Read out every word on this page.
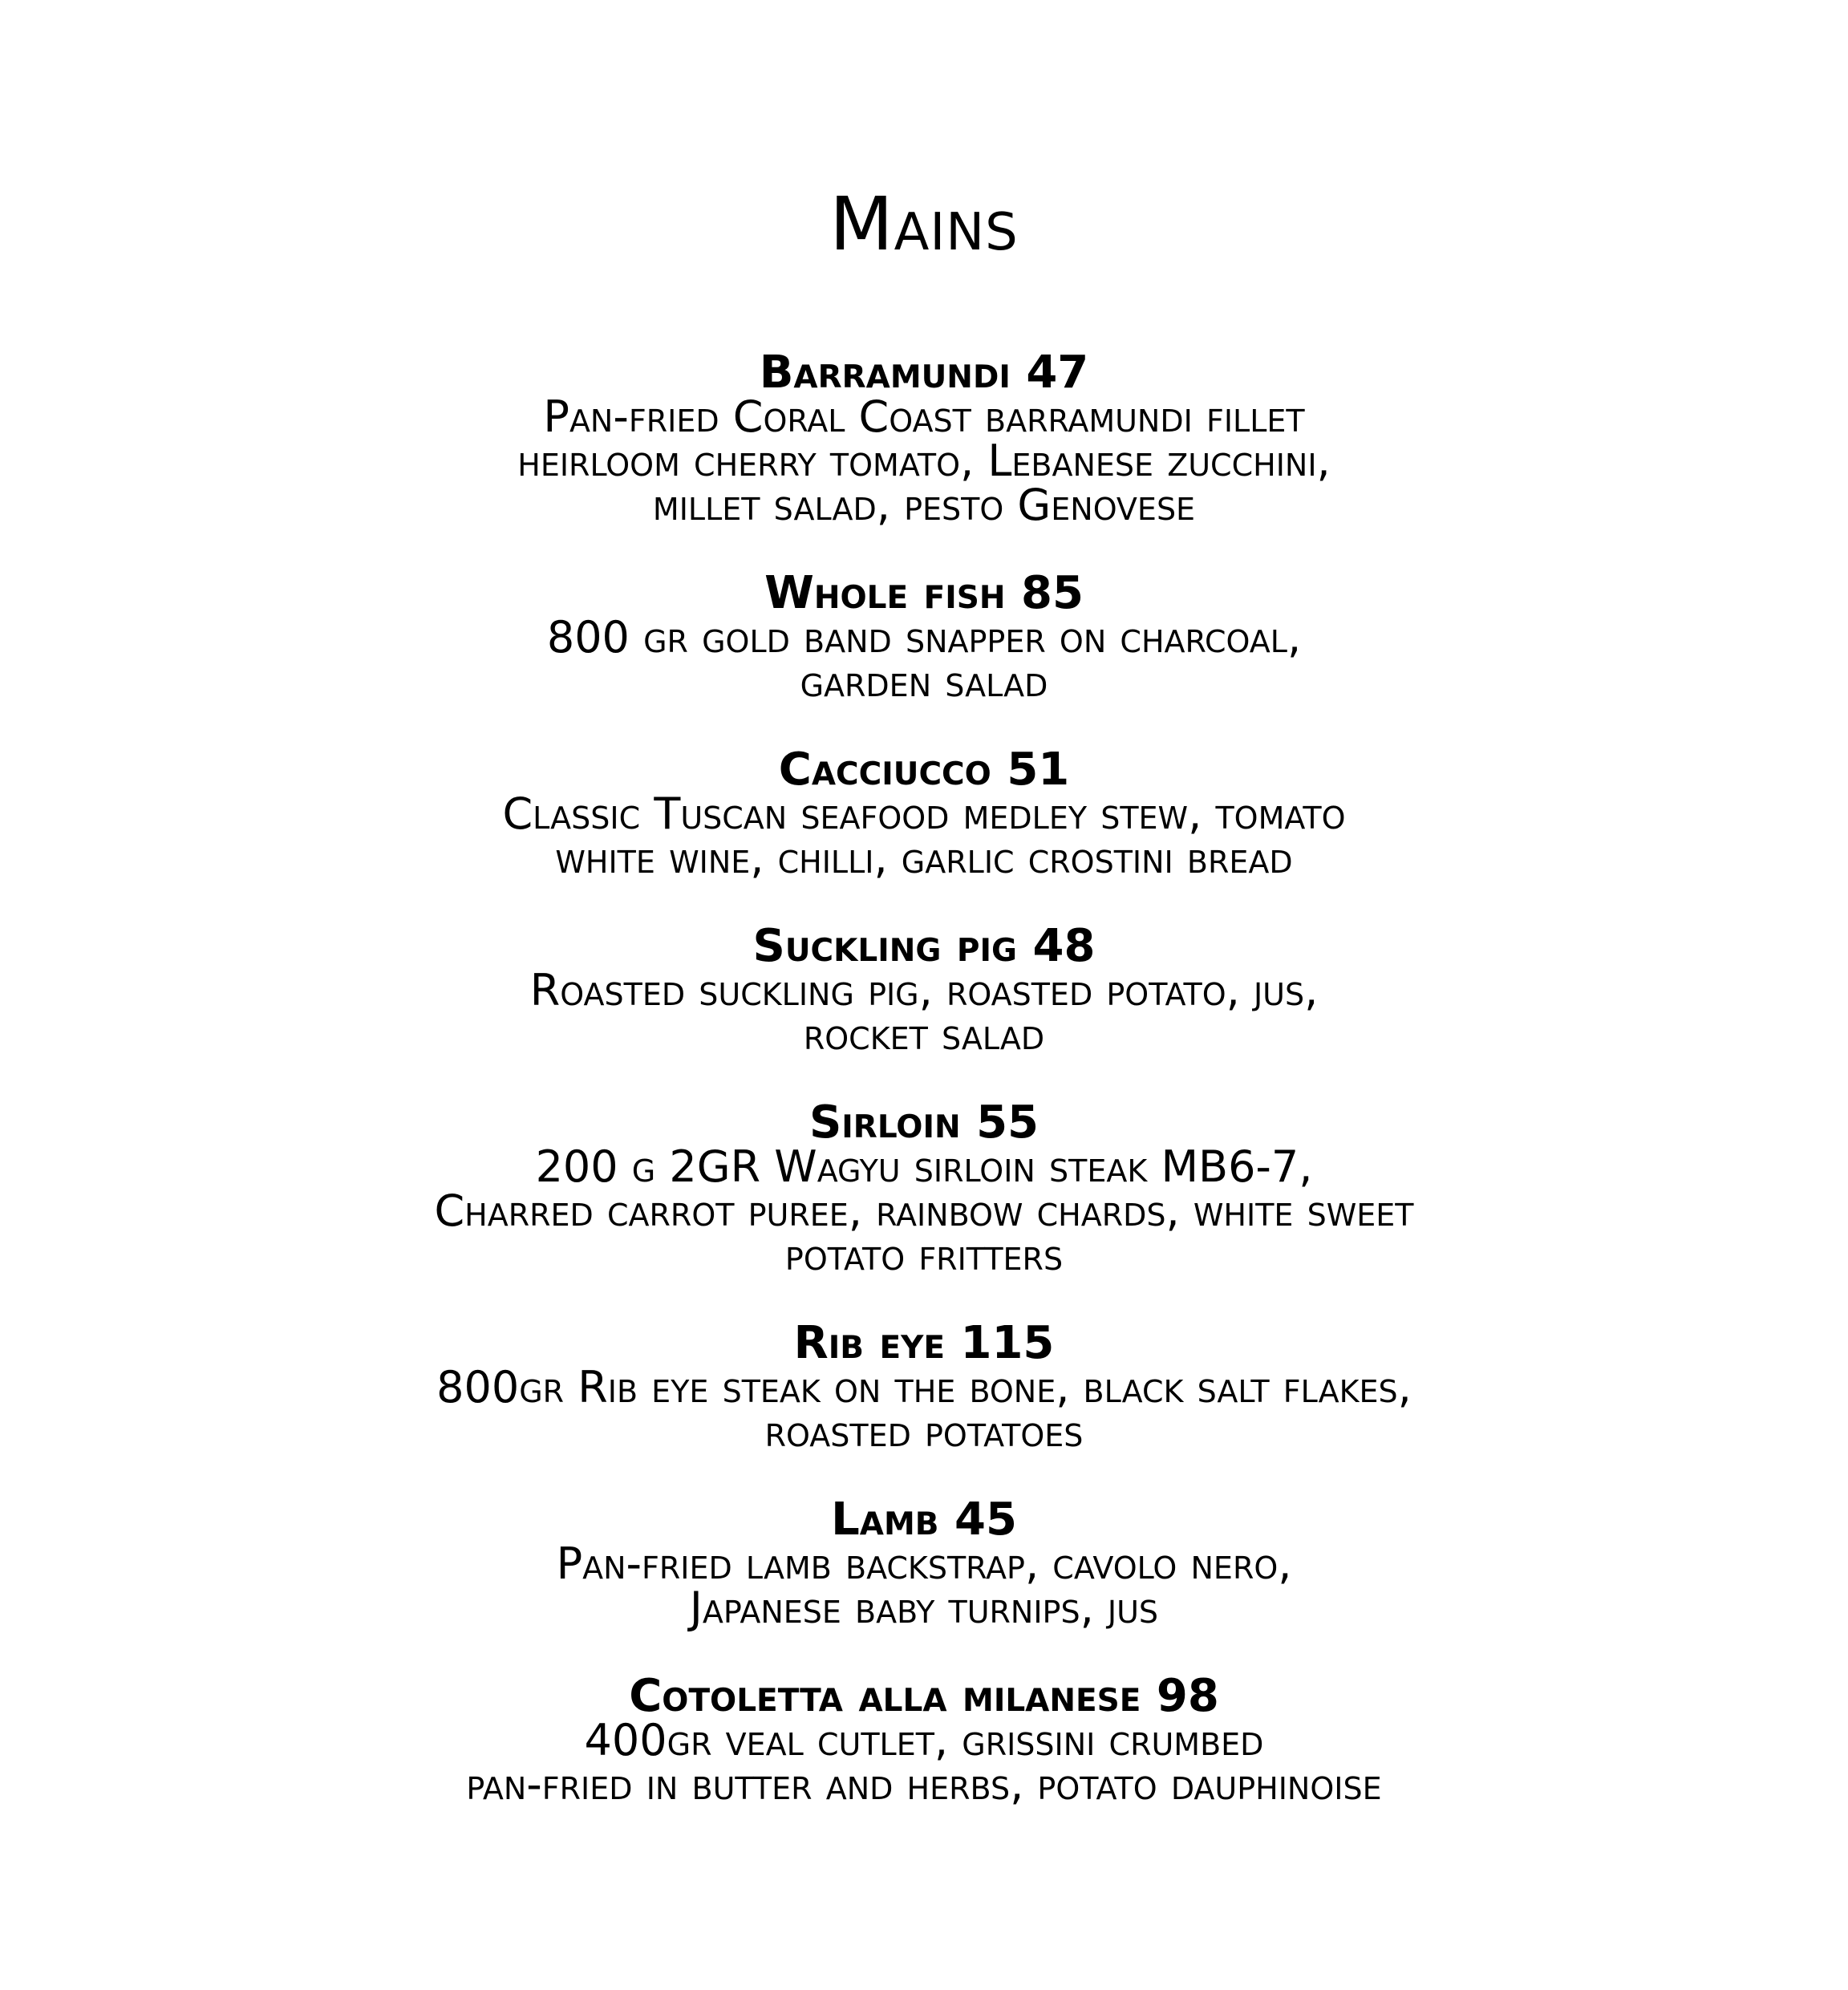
Mains

Barramundi 47

Pan-fried Coral Coast barramundi fillet

heirloom cherry tomato, Lebanese zucchini,

millet salad, pesto Genovese

Whole fish 85

800 gr gold band snapper on charcoal,

garden salad

Cacciucco 51

Classic Tuscan seafood medley stew, tomato

white wine, chilli, garlic crostini bread

Suckling pig 48

Roasted suckling pig, roasted potato, jus,

rocket salad

Sirloin 55

200 g 2GR Wagyu sirloin steak MB6-7,

Charred carrot puree, rainbow chards, white sweet

potato fritters

Rib eye 115

800gr Rib eye steak on the bone, black salt flakes,

roasted potatoes

Lamb 45

Pan-fried lamb backstrap, cavolo nero,

Japanese baby turnips, jus

Cotoletta alla milanese 98

400gr veal cutlet, grissini crumbed

pan-fried in butter and herbs, potato dauphinoise
